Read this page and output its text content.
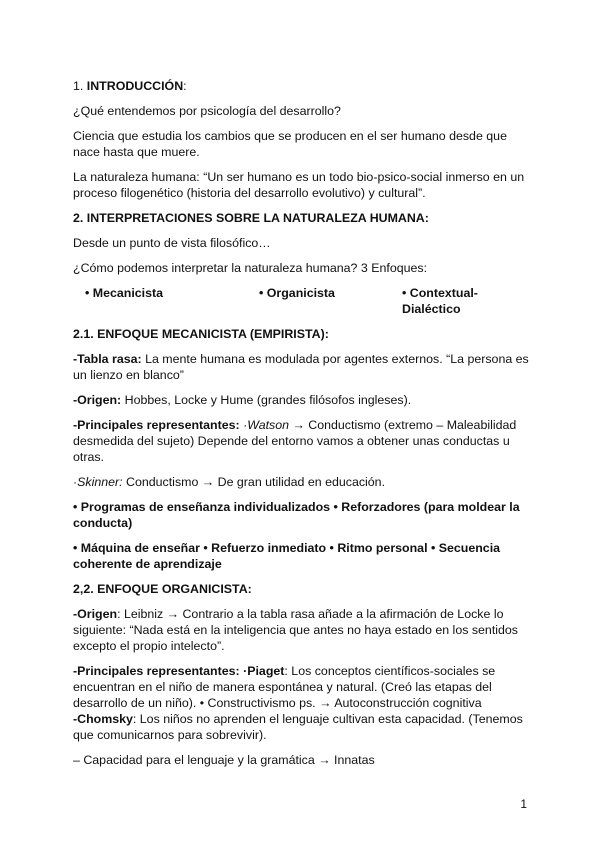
1. INTRODUCCIÓN:

¿Qué entendemos por psicología del desarrollo?

Ciencia que estudia los cambios que se producen en el ser humano desde que nace hasta que muere.

La naturaleza humana: “Un ser humano es un todo bio-psico-social inmerso en un proceso filogenético (historia del desarrollo evolutivo) y cultural”.

2. INTERPRETACIONES SOBRE LA NATURALEZA HUMANA:

Desde un punto de vista filosófico…

¿Cómo podemos interpretar la naturaleza humana? 3 Enfoques:

• Mecanicista	• Organicista	• Contextual-Dialéctico

2.1. ENFOQUE MECANICISTA (EMPIRISTA):

-Tabla rasa: La mente humana es modulada por agentes externos. “La persona es un lienzo en blanco”

-Origen: Hobbes, Locke y Hume (grandes filósofos ingleses).

-Principales representantes: ·Watson → Conductismo (extremo – Maleabilidad desmedida del sujeto) Depende del entorno vamos a obtener unas conductas u otras.

·Skinner: Conductismo → De gran utilidad en educación.

• Programas de enseñanza individualizados • Reforzadores (para moldear la conducta)

• Máquina de enseñar • Refuerzo inmediato • Ritmo personal • Secuencia coherente de aprendizaje

2,2. ENFOQUE ORGANICISTA:

-Origen: Leibniz → Contrario a la tabla rasa añade a la afirmación de Locke lo siguiente: “Nada está en la inteligencia que antes no haya estado en los sentidos excepto el propio intelecto”.

-Principales representantes: ·Piaget: Los conceptos científicos-sociales se encuentran en el niño de manera espontánea y natural. (Creó las etapas del desarrollo de un niño). • Constructivismo ps. → Autoconstrucción cognitiva
-Chomsky: Los niños no aprenden el lenguaje cultivan esta capacidad. (Tenemos que comunicarnos para sobrevivir).

– Capacidad para el lenguaje y la gramática → Innatas

1
